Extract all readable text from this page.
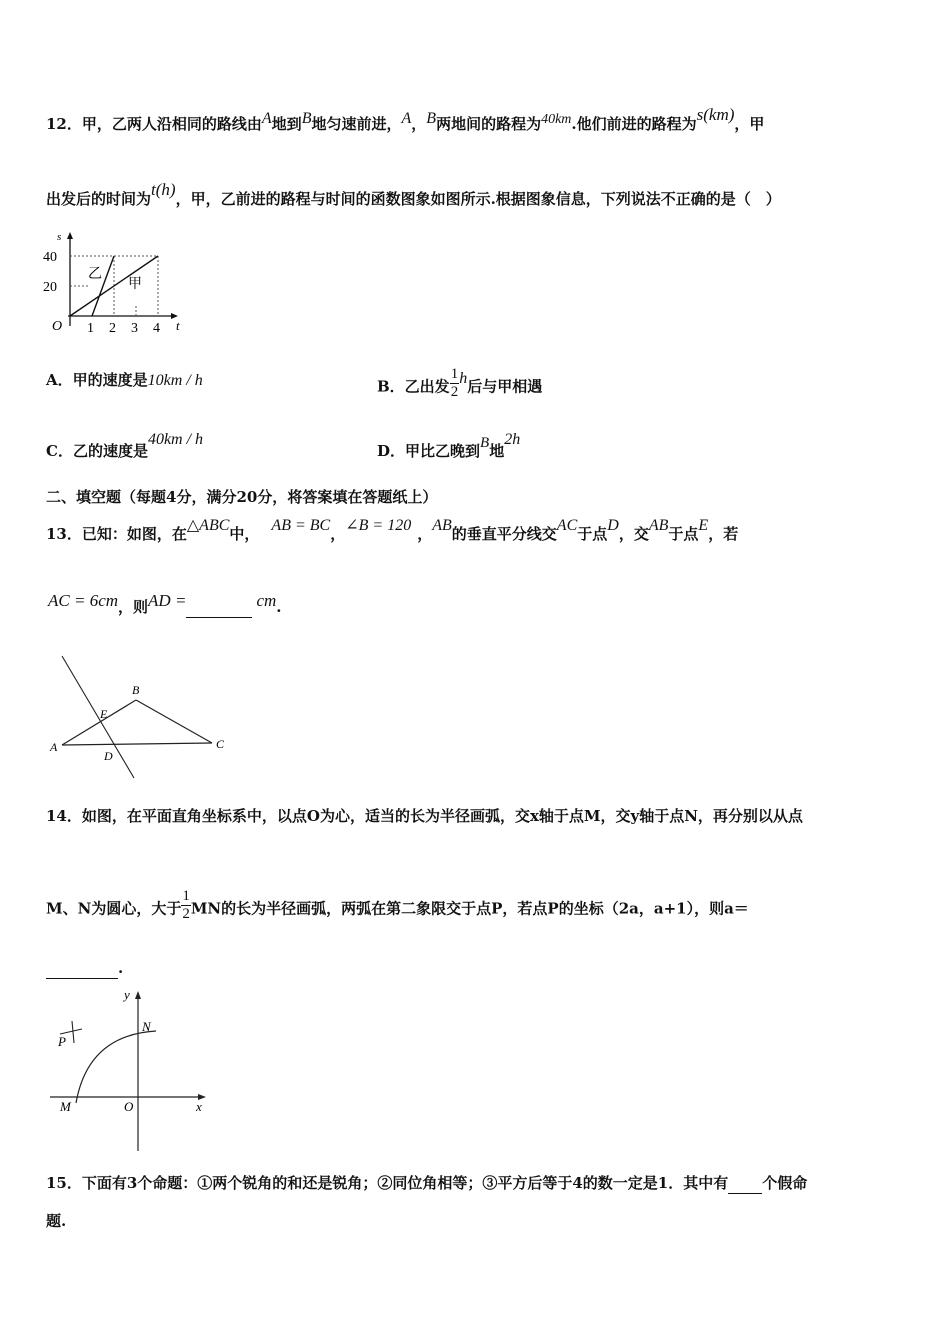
12．甲，乙两人沿相同的路线由A地到B地匀速前进，A，B两地间的路程为40km.他们前进的路程为s(km)，甲
出发后的时间为t(h)，甲，乙前进的路程与时间的函数图象如图所示.根据图象信息，下列说法不正确的是（　）
s
40
20
O 1 2 3 4 t
乙
甲
A．甲的速度是10km / h	B．乙出发 $\frac{1}{2}$ h后与甲相遇
C．乙的速度是40km / h
D．甲比乙晚到B地2h
二、填空题（每题4分，满分20分，将答案填在答题纸上）
13．已知：如图，在△ABC中， AB = BC，∠B = 120 ，AB的垂直平分线交AC于点D，交AB于点E，若
AC = 6cm，则AD =	cm.
A
B
C
D
E
14．如图，在平面直角坐标系中，以点O为心，适当的长为半径画弧，交x轴于点M，交y轴于点N，再分别以从点
M、N为圆心，大于 $\frac{1}{2}$ MN的长为半径画弧，两弧在第二象限交于点P，若点P的坐标（2a，a+1），则a＝
.
y
x
N
P
M	O
15．下面有3个命题：①两个锐角的和还是锐角；②同位角相等；③平方后等于4的数一定是1．其中有 个假命
题.
